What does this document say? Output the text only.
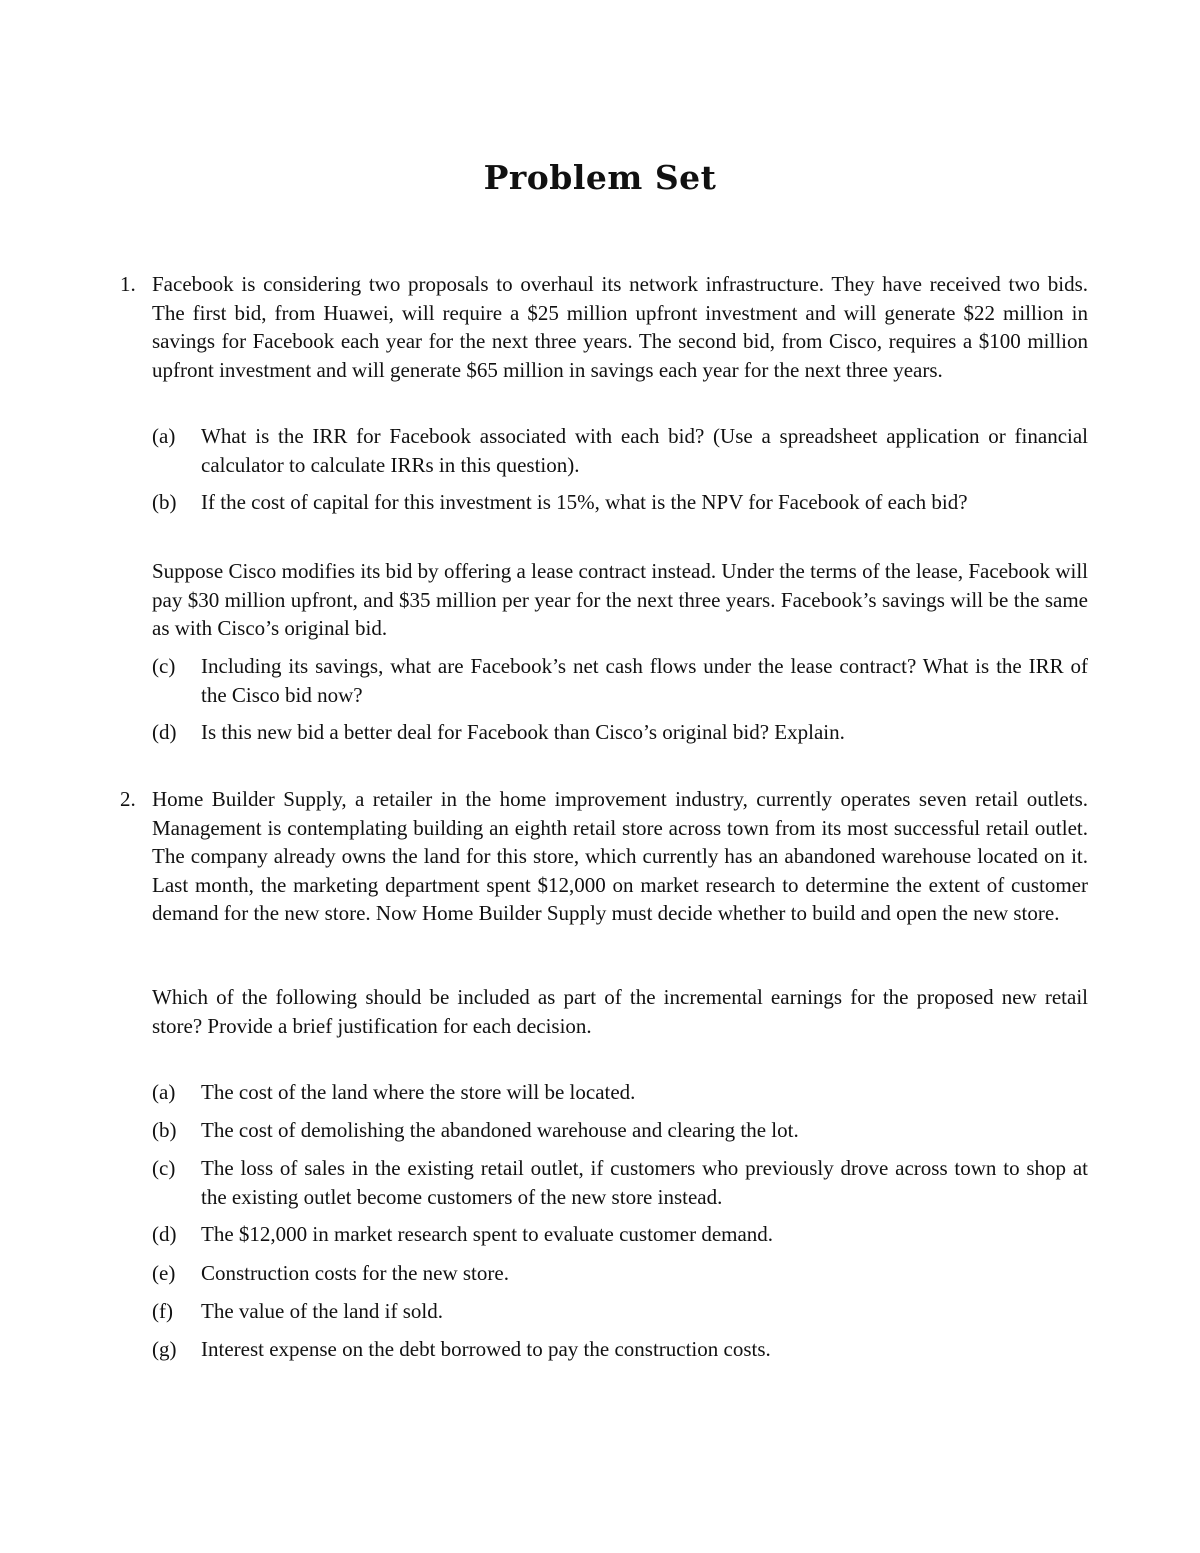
Problem Set
1. Facebook is considering two proposals to overhaul its network infrastructure. They have received two bids. The first bid, from Huawei, will require a $25 million upfront investment and will generate $22 million in savings for Facebook each year for the next three years. The second bid, from Cisco, requires a $100 million upfront investment and will generate $65 million in savings each year for the next three years.
(a)	What is the IRR for Facebook associated with each bid? (Use a spreadsheet application or financial calculator to calculate IRRs in this question).
(b)	If the cost of capital for this investment is 15%, what is the NPV for Facebook of each bid?
Suppose Cisco modifies its bid by offering a lease contract instead. Under the terms of the lease, Facebook will pay $30 million upfront, and $35 million per year for the next three years. Facebook’s savings will be the same as with Cisco’s original bid.
(c)	Including its savings, what are Facebook’s net cash flows under the lease contract? What is the IRR of the Cisco bid now?
(d)	Is this new bid a better deal for Facebook than Cisco’s original bid? Explain.
2. Home Builder Supply, a retailer in the home improvement industry, currently operates seven retail outlets. Management is contemplating building an eighth retail store across town from its most successful retail outlet. The company already owns the land for this store, which currently has an abandoned warehouse located on it. Last month, the marketing department spent $12,000 on market research to determine the extent of customer demand for the new store. Now Home Builder Supply must decide whether to build and open the new store.
Which of the following should be included as part of the incremental earnings for the proposed new retail store? Provide a brief justification for each decision.
(a)	The cost of the land where the store will be located.
(b)	The cost of demolishing the abandoned warehouse and clearing the lot.
(c)	The loss of sales in the existing retail outlet, if customers who previously drove across town to shop at the existing outlet become customers of the new store instead.
(d)	The $12,000 in market research spent to evaluate customer demand.
(e)	Construction costs for the new store.
(f)	The value of the land if sold.
(g)	Interest expense on the debt borrowed to pay the construction costs.
